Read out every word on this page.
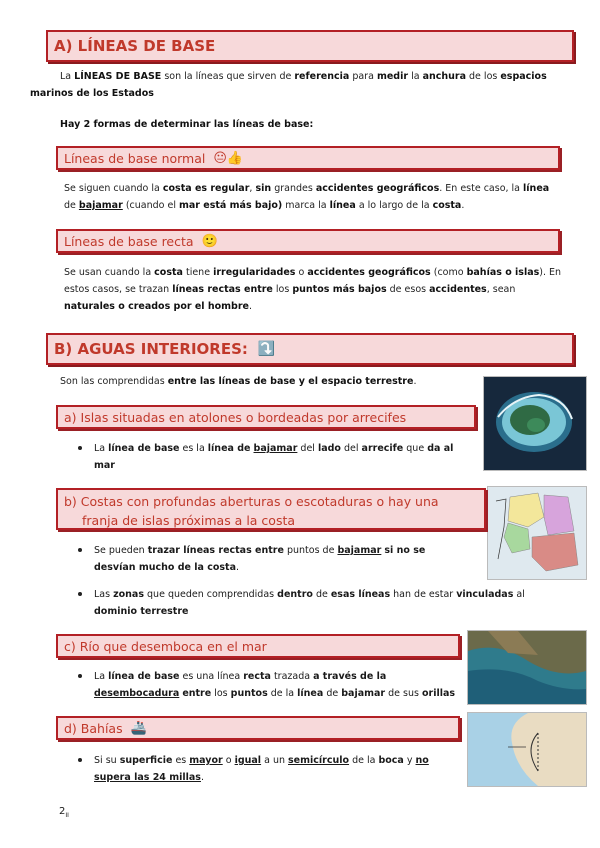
A) LÍNEAS DE BASE
La LÍNEAS DE BASE son la líneas que sirven de referencia para medir la anchura de los espacios marinos de los Estados
Hay 2 formas de determinar las líneas de base:
Líneas de base normal 😐👍
Se siguen cuando la costa es regular, sin grandes accidentes geográficos. En este caso, la línea de bajamar (cuando el mar está más bajo) marca la línea a lo largo de la costa.
Líneas de base recta 🙂
Se usan cuando la costa tiene irregularidades o accidentes geográficos (como bahías o islas). En estos casos, se trazan líneas rectas entre los puntos más bajos de esos accidentes, sean naturales o creados por el hombre.
B) AGUAS INTERIORES: ⤵️
Son las comprendidas entre las líneas de base y el espacio terrestre.
a) Islas situadas en atolones o bordeadas por arrecifes
La línea de base es la línea de bajamar del lado del arrecife que da al mar
b) Costas con profundas aberturas o escotaduras o hay una
franja de islas próximas a la costa
Se pueden trazar líneas rectas entre puntos de bajamar si no se desvían mucho de la costa.
Las zonas que queden comprendidas dentro de esas líneas han de estar vinculadas al dominio terrestre
c) Río que desemboca en el mar
La línea de base es una línea recta trazada a través de la desembocadura entre los puntos de la línea de bajamar de sus orillas
d) Bahías 🚢
Si su superficie es mayor o igual a un semicírculo de la boca y no supera las 24 millas.
$2_{II}$
